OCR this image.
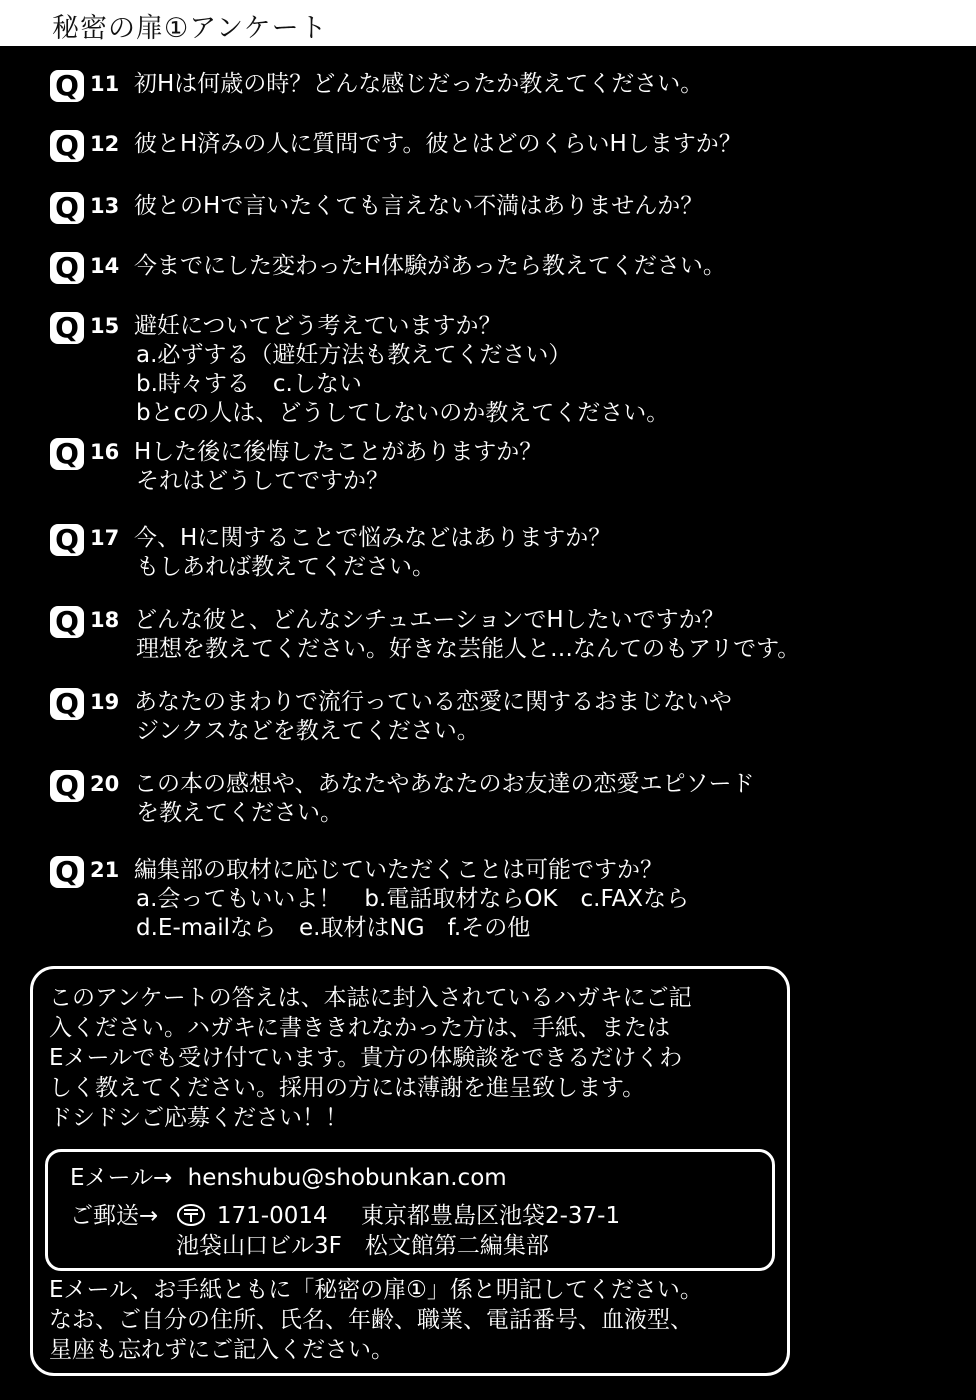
秘密の扉①アンケート
Q 11 初Hは何歳の時？どんな感じだったか教えてください。
Q 12 彼とH済みの人に質問です。彼とはどのくらいHしますか？
Q 13 彼とのHで言いたくても言えない不満はありませんか？
Q 14 今までにした変わったH体験があったら教えてください。
Q 15 避妊についてどう考えていますか？
a.必ずする（避妊方法も教えてください）
b.時々する　c.しない
bとcの人は、どうしてしないのか教えてください。
Q 16 Hした後に後悔したことがありますか？
それはどうしてですか？
Q 17 今、Hに関することで悩みなどはありますか？
もしあれば教えてください。
Q 18 どんな彼と、どんなシチュエーションでHしたいですか？
理想を教えてください。好きな芸能人と…なんてのもアリです。
Q 19 あなたのまわりで流行っている恋愛に関するおまじないや
ジンクスなどを教えてください。
Q 20 この本の感想や、あなたやあなたのお友達の恋愛エピソード
を教えてください。
Q 21 編集部の取材に応じていただくことは可能ですか？
a.会ってもいいよ！　b.電話取材ならOK　c.FAXなら
d.E-mailなら　e.取材はNG　f.その他
このアンケートの答えは、本誌に封入されているハガキにご記
入ください。ハガキに書ききれなかった方は、手紙、または
Eメールでも受け付ています。貴方の体験談をできるだけくわ
しく教えてください。採用の方には薄謝を進呈致します。
ドシドシご応募ください！！
Eメール→ henshubu@shobunkan.com
ご郵送→	171-0014 東京都豊島区池袋2-37-1
池袋山口ビル3F　松文館第二編集部
Eメール、お手紙ともに「秘密の扉①」係と明記してください。
なお、ご自分の住所、氏名、年齢、職業、電話番号、血液型、
星座も忘れずにご記入ください。
